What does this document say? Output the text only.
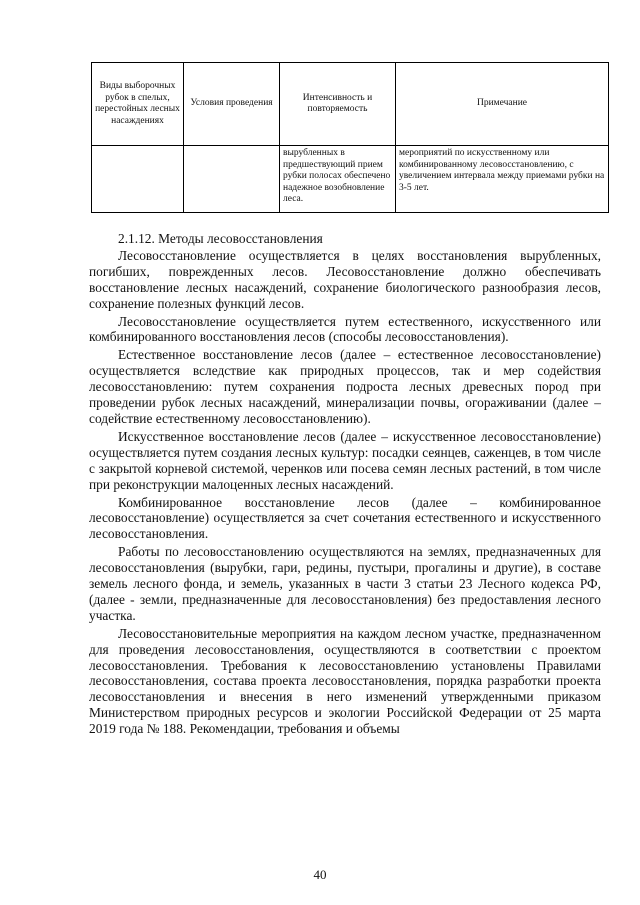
Виды выборочных рубок в спелых, перестойных лесных насаждениях	Условия проведения	Интенсивность и повторяемость	Примечание
		вырубленных в предшествующий прием рубки полосах обеспечено надежное возобновление леса.	мероприятий по искусственному или комбинированному лесовосстановлению, с увеличением интервала между приемами рубки на 3-5 лет.
2.1.12. Методы лесовосстановления

Лесовосстановление осуществляется в целях восстановления вырубленных, погибших, поврежденных лесов. Лесовосстановление должно обеспечивать восстановление лесных насаждений, сохранение биологического разнообразия лесов, сохранение полезных функций лесов.

Лесовосстановление осуществляется путем естественного, искусственного или комбинированного восстановления лесов (способы лесовосстановления).

Естественное восстановление лесов (далее – естественное лесовосстановление) осуществляется вследствие как природных процессов, так и мер содействия лесовосстановлению: путем сохранения подроста лесных древесных пород при проведении рубок лесных насаждений, минерализации почвы, огораживании (далее – содействие естественному лесовосстановлению).

Искусственное восстановление лесов (далее – искусственное лесовосстановление) осуществляется путем создания лесных культур: посадки сеянцев, саженцев, в том числе с закрытой корневой системой, черенков или посева семян лесных растений, в том числе при реконструкции малоценных лесных насаждений.

Комбинированное восстановление лесов (далее – комбинированное лесовосстановление) осуществляется за счет сочетания естественного и искусственного лесовосстановления.

Работы по лесовосстановлению осуществляются на землях, предназначенных для лесовосстановления (вырубки, гари, редины, пустыри, прогалины и другие), в составе земель лесного фонда, и земель, указанных в части 3 статьи 23 Лесного кодекса РФ, (далее - земли, предназначенные для лесовосстановления) без предоставления лесного участка.

Лесовосстановительные мероприятия на каждом лесном участке, предназначенном для проведения лесовосстановления, осуществляются в соответствии с проектом лесовосстановления. Требования к лесовосстановлению установлены Правилами лесовосстановления, состава проекта лесовосстановления, порядка разработки проекта лесовосстановления и внесения в него изменений утвержденными приказом Министерством природных ресурсов и экологии Российской Федерации от 25 марта 2019 года № 188. Рекомендации, требования и объемы

40
